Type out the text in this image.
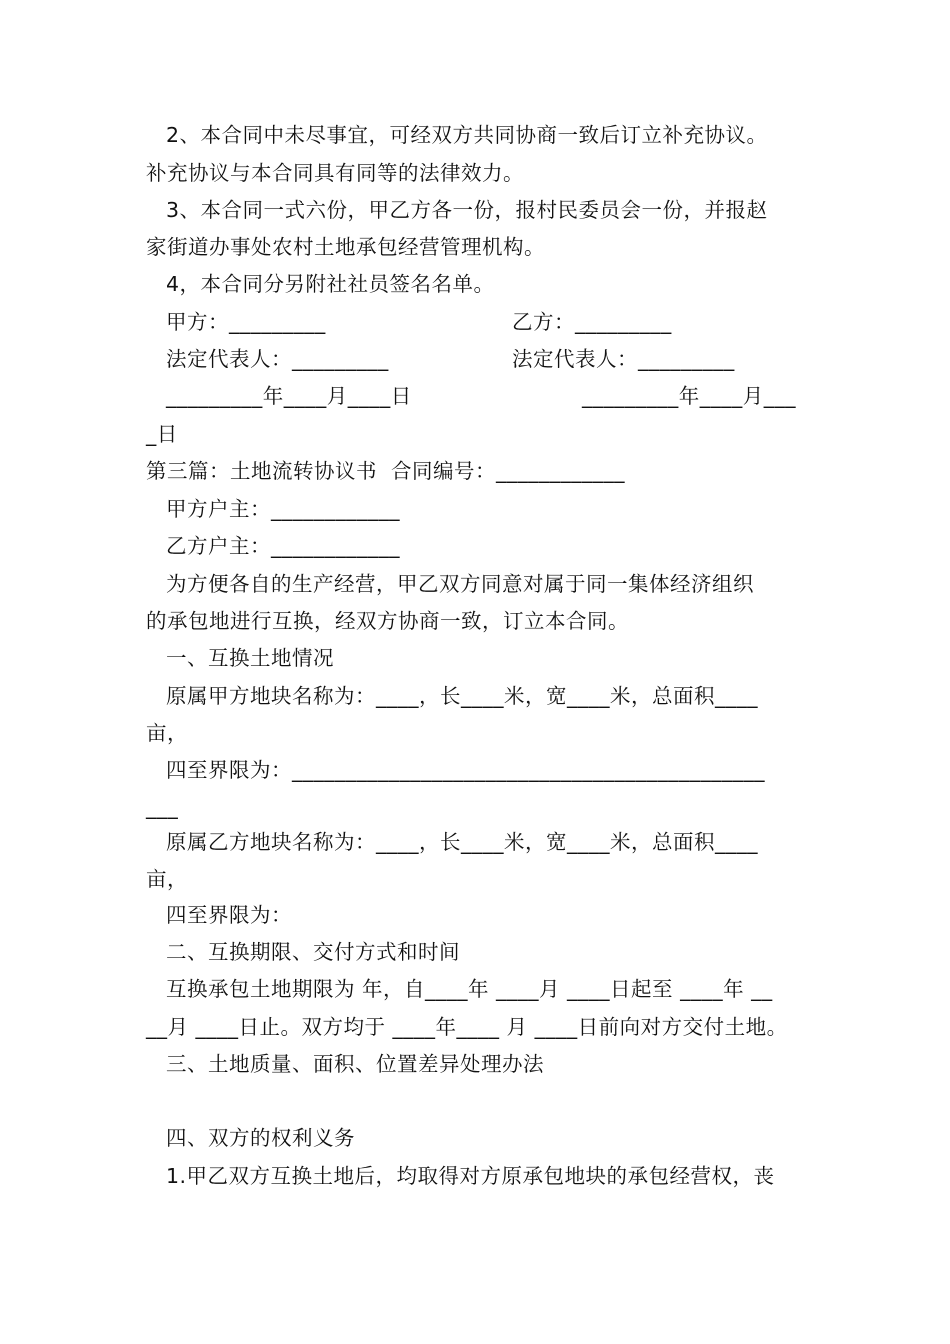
2、本合同中未尽事宜，可经双方共同协商一致后订立补充协议。
补充协议与本合同具有同等的法律效力。
3、本合同一式六份，甲乙方各一份，报村民委员会一份，并报赵
家街道办事处农村土地承包经营管理机构。
4，本合同分另附社社员签名名单。
甲方：_________	乙方：_________
法定代表人：_________	法定代表人：_________
_________年____月____日	_________年____月___
_日
第三篇：土地流转协议书  合同编号：____________
甲方户主：____________
乙方户主：____________
为方便各自的生产经营，甲乙双方同意对属于同一集体经济组织
的承包地进行互换，经双方协商一致，订立本合同。
一、互换土地情况
原属甲方地块名称为：____，长____米，宽____米，总面积____
亩，
四至界限为：____________________________________________
___
原属乙方地块名称为：____，长____米，宽____米，总面积____
亩，
四至界限为：
二、互换期限、交付方式和时间
互换承包土地期限为 年，自____年 ____月 ____日起至 ____年 __
__月 ____日止。双方均于 ____年____ 月 ____日前向对方交付土地。
三、土地质量、面积、位置差异处理办法
四、双方的权利义务
1.甲乙双方互换土地后，均取得对方原承包地块的承包经营权，丧
